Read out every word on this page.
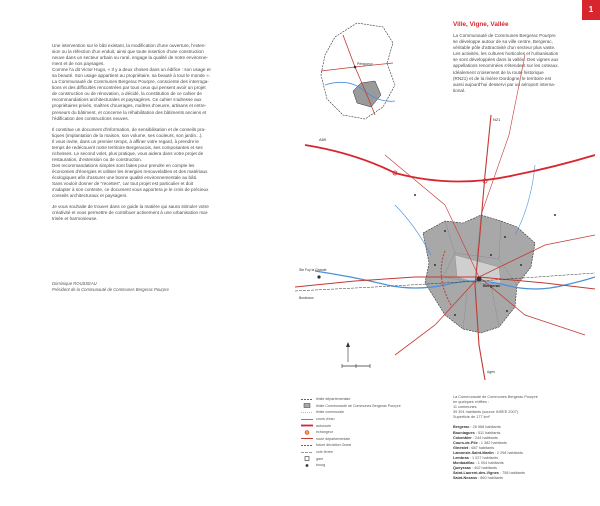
1

Une intervention sur le bâti existant, la modification d'une ouverture, l'exten-
sion ou la réfection d'un enduit, ainsi que toute insertion d'une construction
neuve dans un secteur urbain ou rural, engage la qualité de notre environne-
ment et de nos paysages.
Comme l'a dit Victor Hugo, « Il y a deux choses dans un édifice : son usage et
sa beauté. Son usage appartient au propriétaire, sa beauté à tout le monde ».
La Communauté de Communes Bergerac Pourpre, consciente des interroga-
tions et des difficultés rencontrées par tous ceux qui pensent avoir un projet
de construction ou de rénovation, a décidé, la constitution de ce cahier de
recommandations architecturales et paysagères. Ce cahier s'adresse aux
propriétaires privés, maîtres d'ouvrages, maîtres d'oeuvre, artisans et entre-
preneurs du bâtiment, et concerne la réhabilitation des bâtiments anciens et
l'édification des constructions neuves.

Il constitue un document d'information, de sensibilisation et de conseils pra-
tiques (implantation de la maison, son volume, ses couleurs, son jardin...).
Il vous invite, dans un premier temps, à affiner votre regard, à prendre le
temps de redécouvrir notre territoire Bergeracois, ses composantes et ses
richesses. Le second volet, plus pratique, vous aidera dans votre projet de
restauration, d'extension ou de construction.
Des recommandations simples sont faites pour prendre en compte les
économies d'énergies et utiliser les énergies renouvelables et des matériaux
écologiques afin d'assurer une bonne qualité environnementale au bâti.
Sans vouloir donner de "recettes", car tout projet est particulier et doit
s'adapter à son contexte, ce document vous apportera je le crois de précieux
conseils architecturaux et paysagers.

Je vous souhaite de trouver dans ce guide la matière qui saura stimuler votre
créativité et vous permettre de contribuer activement à une urbanisation mai-
trisée et harmonieuse.

Dominique ROUSSEAU
Président de la Communauté de Communes Bergerac Pourpre
Ville, Vigne, Vallée
La Communauté de Communes Bergerac Pourpre
se développe autour de sa ville centre, Bergerac,
véritable pôle d'attractivité d'un secteur plus vaste.
Les activités, les cultures horticoles et l'urbanisation
se sont développées dans la vallée. Des vignes aux
appellations renommées s'étendent sur les coteaux.
Idéalement croisement de la route historique
(RN21) et de la rivière Dordogne, le territoire est
aussi aujourd'hui desservi par un aéroport interna-
tional.
Périgueux
A89
N21
Bergerac
Ste Foy la Grande
Bordeaux
Agen
limite départementale
limite Communauté de Communes Bergerac Pourpre
limite communale
cours d'eau
autoroute
échangeur
route départementale
future déviation Ouest
voie ferrée
gare
bourg
La Communauté de Communes Bergerac Pourpre
en quelques chiffres :
11 communes
39 391 habitants (source INSEE 2007)
Superficie de 177 km²
Bergerac : 26 568 habitants
Bouniagues : 511 habitants
Colombier : 244 habitants
Cours-de-Pile : 1 382 habitants
Ginestet : 687 habitants
Lamonzie-Saint-Martin : 2 298 habitants
Lembras : 1 027 habitants
Monbazillac : 1 004 habitants
Queyssac : 402 habitants
Saint-Laurent-des-Vignes : 758 habitants
Saint-Nexans : 860 habitants
